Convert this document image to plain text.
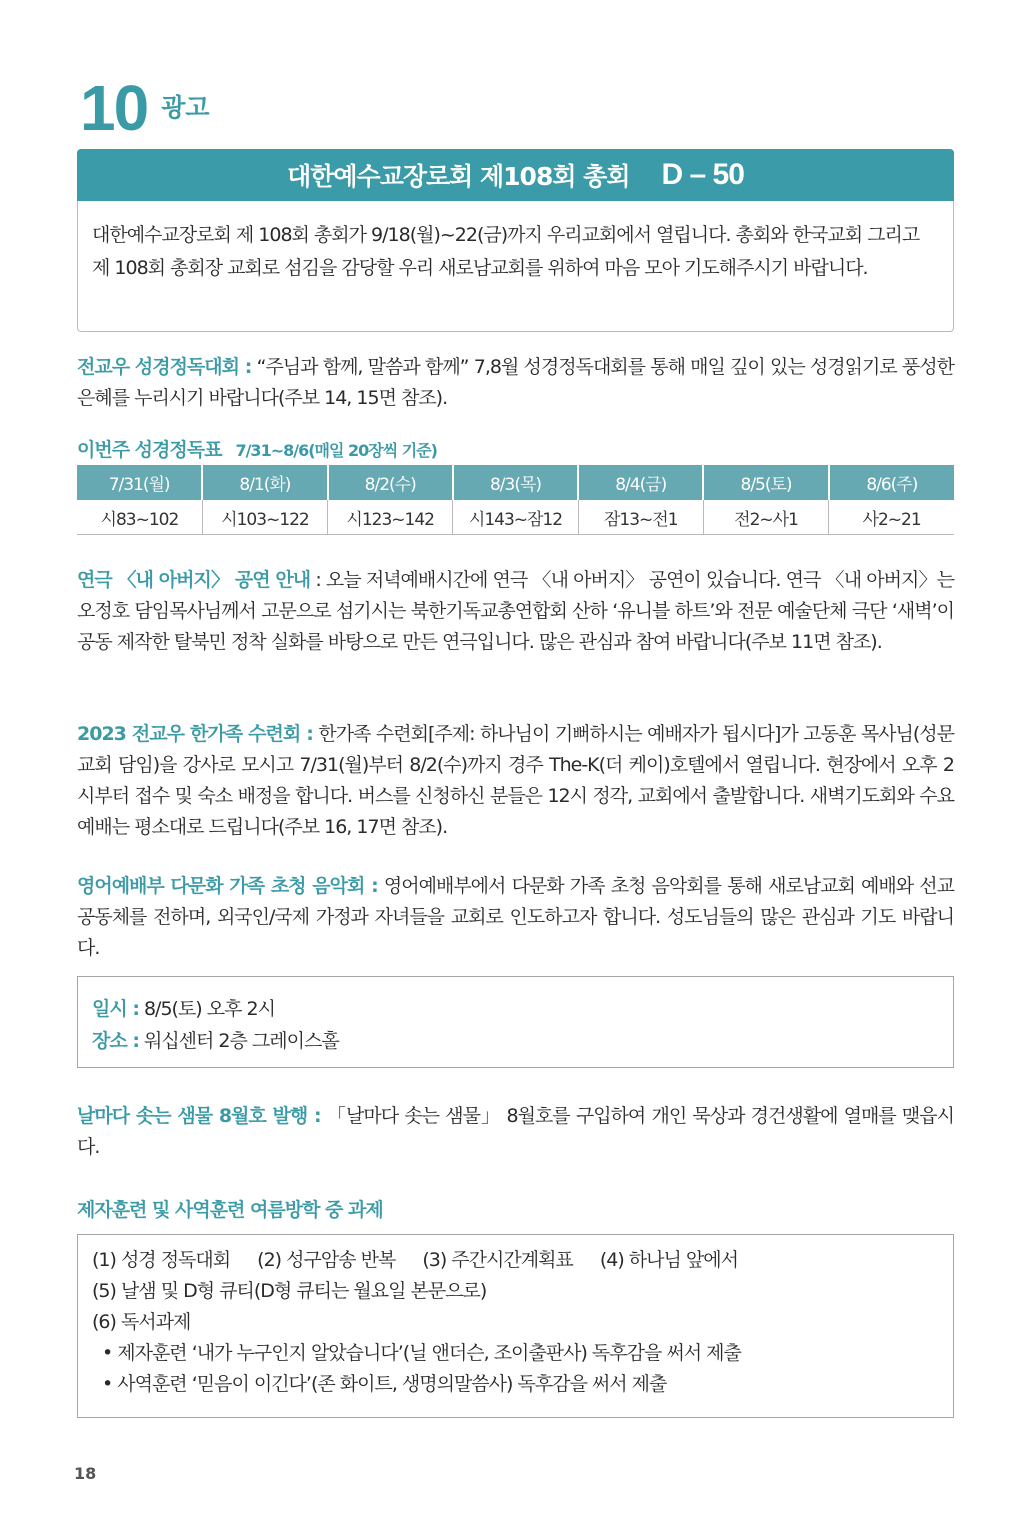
10 광고
대한예수교장로회 제108회 총회 D – 50
대한예수교장로회 제 108회 총회가 9/18(월)~22(금)까지 우리교회에서 열립니다. 총회와 한국교회 그리고 제 108회 총회장 교회로 섬김을 감당할 우리 새로남교회를 위하여 마음 모아 기도해주시기 바랍니다.
전교우 성경정독대회 : “주님과 함께, 말씀과 함께” 7,8월 성경정독대회를 통해 매일 깊이 있는 성경읽기로 풍성한 은혜를 누리시기 바랍니다(주보 14, 15면 참조).
이번주 성경정독표 7/31~8/6(매일 20장씩 기준)
7/31(월)	8/1(화)	8/2(수)	8/3(목)	8/4(금)	8/5(토)	8/6(주)
시83~102	시103~122	시123~142	시143~잠12	잠13~전1	전2~사1	사2~21
연극 〈내 아버지〉 공연 안내 : 오늘 저녁예배시간에 연극 〈내 아버지〉 공연이 있습니다. 연극 〈내 아버지〉는 오정호 담임목사님께서 고문으로 섬기시는 북한기독교총연합회 산하 ‘유니블 하트’와 전문 예술단체 극단 ‘새벽’이 공동 제작한 탈북민 정착 실화를 바탕으로 만든 연극입니다. 많은 관심과 참여 바랍니다(주보 11면 참조).
2023 전교우 한가족 수련회 : 한가족 수련회[주제: 하나님이 기뻐하시는 예배자가 됩시다]가 고동훈 목사님(성문교회 담임)을 강사로 모시고 7/31(월)부터 8/2(수)까지 경주 The-K(더 케이)호텔에서 열립니다. 현장에서 오후 2시부터 접수 및 숙소 배정을 합니다. 버스를 신청하신 분들은 12시 정각, 교회에서 출발합니다. 새벽기도회와 수요예배는 평소대로 드립니다(주보 16, 17면 참조).
영어예배부 다문화 가족 초청 음악회 : 영어예배부에서 다문화 가족 초청 음악회를 통해 새로남교회 예배와 선교공동체를 전하며, 외국인/국제 가정과 자녀들을 교회로 인도하고자 합니다. 성도님들의 많은 관심과 기도 바랍니다.
일시 : 8/5(토) 오후 2시
장소 : 워십센터 2층 그레이스홀
날마다 솟는 샘물 8월호 발행 : 「날마다 솟는 샘물」 8월호를 구입하여 개인 묵상과 경건생활에 열매를 맺읍시다.
제자훈련 및 사역훈련 여름방학 중 과제
(1) 성경 정독대회 (2) 성구암송 반복 (3) 주간시간계획표 (4) 하나님 앞에서
(5) 날샘 및 D형 큐티(D형 큐티는 월요일 본문으로)
(6) 독서과제
• 제자훈련 ‘내가 누구인지 알았습니다’(닐 앤더슨, 조이출판사) 독후감을 써서 제출
• 사역훈련 ‘믿음이 이긴다’(존 화이트, 생명의말씀사) 독후감을 써서 제출
18
